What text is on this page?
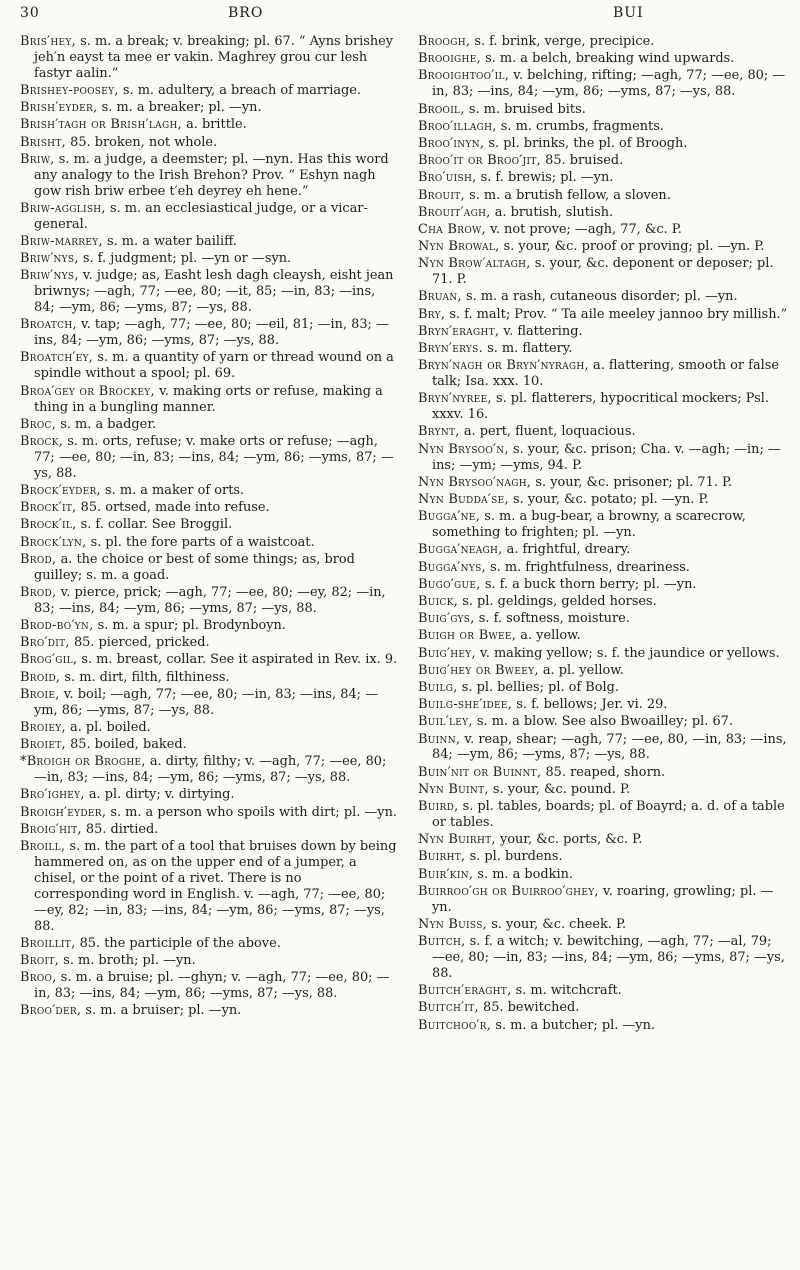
30	BRO	BUI

Bris′hey, s. m. a break; v. breaking; pl. 67. “ Ayns brishey jeh′n eayst ta mee er vakin. Maghrey grou cur lesh fastyr aalin.”

Brishey-poosey, s. m. adultery, a breach of marriage.

Brish′eyder, s. m. a breaker; pl. —yn.

Brish′tagh or Brish′lagh, a. brittle.

Brisht, 85. broken, not whole.

Briw, s. m. a judge, a deemster; pl. —nyn. Has this word any analogy to the Irish Brehon? Prov. “ Eshyn nagh gow rish briw erbee t′eh deyrey eh hene.”

Briw-agglish, s. m. an ecclesiastical judge, or a vicar-general.

Briw-marrey, s. m. a water bailiff.

Briw′nys, s. f. judgment; pl. —yn or —syn.

Briw′nys, v. judge; as, Easht lesh dagh cleaysh, eisht jean briwnys; —agh, 77; —ee, 80; —it, 85; —in, 83; —ins, 84; —ym, 86; —yms, 87; —ys, 88.

Broatch, v. tap; —agh, 77; —ee, 80; —eil, 81; —in, 83; —ins, 84; —ym, 86; —yms, 87; —ys, 88.

Broatch′ey, s. m. a quantity of yarn or thread wound on a spindle without a spool; pl. 69.

Broa′gey or Brockey, v. making orts or refuse, making a thing in a bungling manner.

Broc, s. m. a badger.

Brock, s. m. orts, refuse; v. make orts or refuse; —agh, 77; —ee, 80; —in, 83; —ins, 84; —ym, 86; —yms, 87; —ys, 88.

Brock′eyder, s. m. a maker of orts.

Brock′it, 85. ortsed, made into refuse.

Brock′il, s. f. collar. See Broggil.

Brock′lyn, s. pl. the fore parts of a waistcoat.

Brod, a. the choice or best of some things; as, brod guilley; s. m. a goad.

Brod, v. pierce, prick; —agh, 77; —ee, 80; —ey, 82; —in, 83; —ins, 84; —ym, 86; —yms, 87; —ys, 88.

Brod-bo′yn, s. m. a spur; pl. Brodynboyn.

Bro′dit, 85. pierced, pricked.

Brog′gil, s. m. breast, collar. See it aspirated in Rev. ix. 9.

Broid, s. m. dirt, filth, filthiness.

Broie, v. boil; —agh, 77; —ee, 80; —in, 83; —ins, 84; —ym, 86; —yms, 87; —ys, 88.

Broiey, a. pl. boiled.

Broiet, 85. boiled, baked.

*Broigh or Broghe, a. dirty, filthy; v. —agh, 77; —ee, 80; —in, 83; —ins, 84; —ym, 86; —yms, 87; —ys, 88.

Bro′ighey, a. pl. dirty; v. dirtying.

Broigh′eyder, s. m. a person who spoils with dirt; pl. —yn.

Broig′hit, 85. dirtied.

Broill, s. m. the part of a tool that bruises down by being hammered on, as on the upper end of a jumper, a chisel, or the point of a rivet. There is no corresponding word in English. v. —agh, 77; —ee, 80; —ey, 82; —in, 83; —ins, 84; —ym, 86; —yms, 87; —ys, 88.

Broillit, 85. the participle of the above.

Broit, s. m. broth; pl. —yn.

Broo, s. m. a bruise; pl. —ghyn; v. —agh, 77; —ee, 80; —in, 83; —ins, 84; —ym, 86; —yms, 87; —ys, 88.

Broo′der, s. m. a bruiser; pl. —yn.

Broogh, s. f. brink, verge, precipice.

Brooighe, s. m. a belch, breaking wind upwards.

Brooightoo′il, v. belching, rifting; —agh, 77; —ee, 80; —in, 83; —ins, 84; —ym, 86; —yms, 87; —ys, 88.

Brooil, s. m. bruised bits.

Broo′illagh, s. m. crumbs, fragments.

Broo′inyn, s. pl. brinks, the pl. of Broogh.

Broo′it or Broo′jit, 85. bruised.

Bro′uish, s. f. brewis; pl. —yn.

Brouit, s. m. a brutish fellow, a sloven.

Brouit′agh, a. brutish, slutish.

Cha Brow, v. not prove; —agh, 77, &c. P.

Nyn Browal, s. your, &c. proof or proving; pl. —yn. P.

Nyn Brow′altagh, s. your, &c. deponent or deposer; pl. 71. P.

Bruan, s. m. a rash, cutaneous disorder; pl. —yn.

Bry, s. f. malt; Prov. “ Ta aile meeley jannoo bry millish.”

Bryn′eraght, v. flattering.

Bryn′erys. s. m. flattery.

Bryn′nagh or Bryn′nyragh, a. flattering, smooth or false talk; Isa. xxx. 10.

Bryn′nyree, s. pl. flatterers, hypocritical mockers; Psl. xxxv. 16.

Brynt, a. pert, fluent, loquacious.

Nyn Brysoo′n, s. your, &c. prison; Cha. v. —agh; —in; —ins; —ym; —yms, 94. P.

Nyn Brysoo′nagh, s. your, &c. prisoner; pl. 71. P.

Nyn Budda′se, s. your, &c. potato; pl. —yn. P.

Bugga′ne, s. m. a bug-bear, a browny, a scarecrow, something to frighten; pl. —yn.

Bugga′neagh, a. frightful, dreary.

Bugga′nys, s. m. frightfulness, dreariness.

Bugo′gue, s. f. a buck thorn berry; pl. —yn.

Buick, s. pl. geldings, gelded horses.

Buig′gys, s. f. softness, moisture.

Buigh or Bwee, a. yellow.

Buig′hey, v. making yellow; s. f. the jaundice or yellows.

Buig′hey or Bweey, a. pl. yellow.

Builg, s. pl. bellies; pl. of Bolg.

Builg-she′idee, s. f. bellows; Jer. vi. 29.

Buil′ley, s. m. a blow. See also Bwoailley; pl. 67.

Buinn, v. reap, shear; —agh, 77; —ee, 80, —in, 83; —ins, 84; —ym, 86; —yms, 87; —ys, 88.

Buin′nit or Buinnt, 85. reaped, shorn.

Nyn Buint, s. your, &c. pound. P.

Buird, s. pl. tables, boards; pl. of Boayrd; a. d. of a table or tables.

Nyn Buirht, your, &c. ports, &c. P.

Buirht, s. pl. burdens.

Buir′kin, s. m. a bodkin.

Buirroo′gh or Buirroo′ghey, v. roaring, growling; pl. —yn.

Nyn Buiss, s. your, &c. cheek. P.

Buitch, s. f. a witch; v. bewitching, —agh, 77; —al, 79; —ee, 80; —in, 83; —ins, 84; —ym, 86; —yms, 87; —ys, 88.

Buitch′eraght, s. m. witchcraft.

Buitch′it, 85. bewitched.

Buitchoo′r, s. m. a butcher; pl. —yn.
